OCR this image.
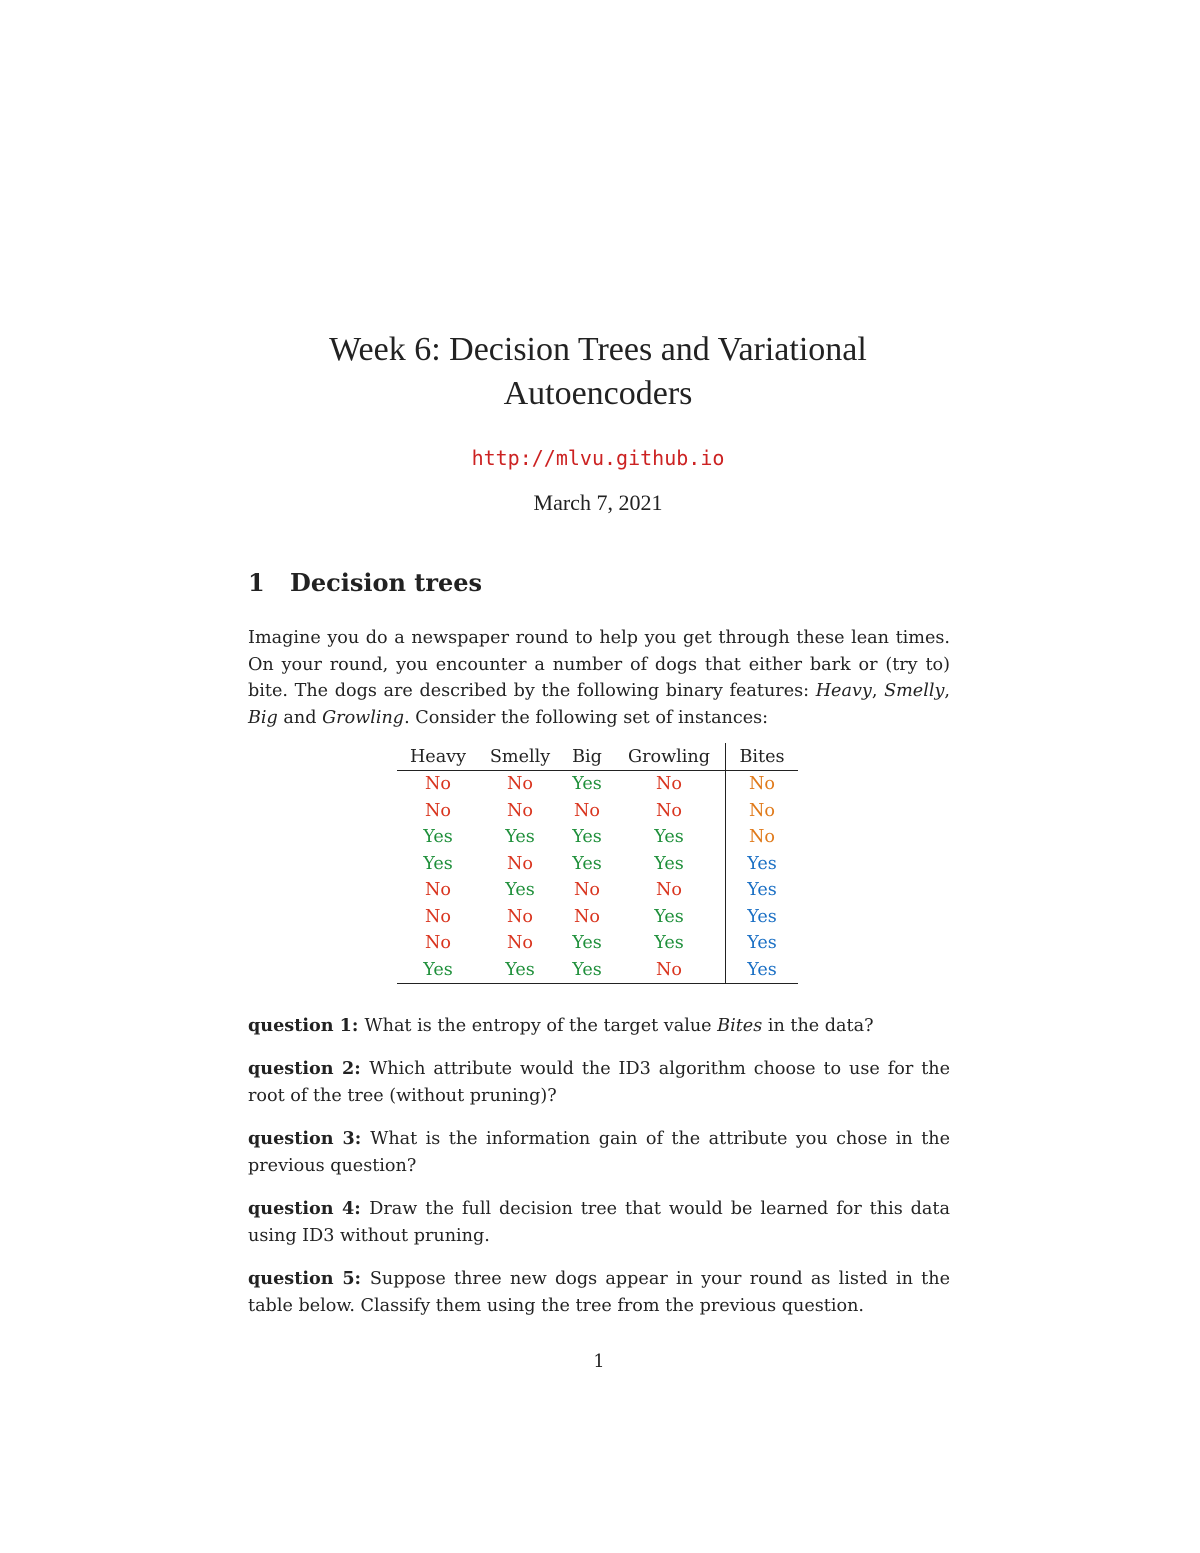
Week 6: Decision Trees and Variational
Autoencoders
http://mlvu.github.io
March 7, 2021
1 Decision trees
Imagine you do a newspaper round to help you get through these lean times. On your round, you encounter a number of dogs that either bark or (try to) bite. The dogs are described by the following binary features: Heavy, Smelly, Big and Growling. Consider the following set of instances:
Heavy	Smelly	Big	Growling	Bites
No	No	Yes	No	No
No	No	No	No	No
Yes	Yes	Yes	Yes	No
Yes	No	Yes	Yes	Yes
No	Yes	No	No	Yes
No	No	No	Yes	Yes
No	No	Yes	Yes	Yes
Yes	Yes	Yes	No	Yes
question 1: What is the entropy of the target value Bites in the data?
question 2: Which attribute would the ID3 algorithm choose to use for the root of the tree (without pruning)?
question 3: What is the information gain of the attribute you chose in the previous question?
question 4: Draw the full decision tree that would be learned for this data using ID3 without pruning.
question 5: Suppose three new dogs appear in your round as listed in the table below. Classify them using the tree from the previous question.
1
